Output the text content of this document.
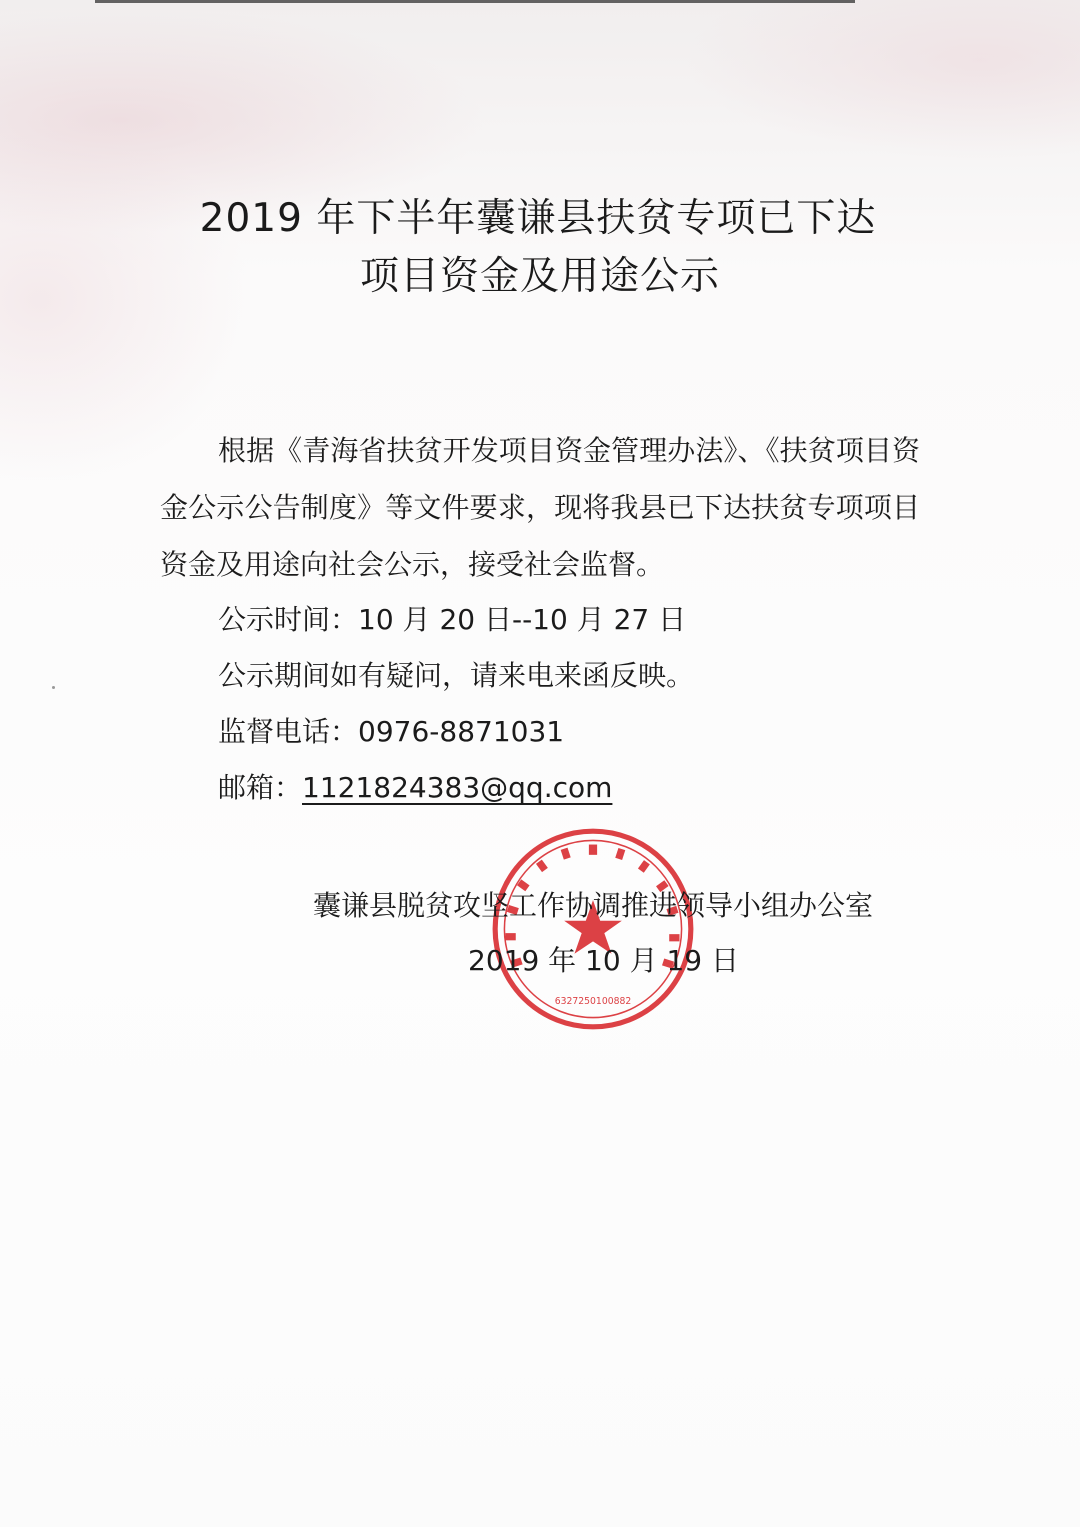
2019 年下半年囊谦县扶贫专项已下达
项目资金及用途公示
根据《青海省扶贫开发项目资金管理办法》、《扶贫项目资金公示公告制度》等文件要求，现将我县已下达扶贫专项项目资金及用途向社会公示，接受社会监督。
公示时间：10 月 20 日--10 月 27 日
公示期间如有疑问，请来电来函反映。
监督电话：0976-8871031
邮箱：1121824383@qq.com
6327250100882
囊谦县脱贫攻坚工作协调推进领导小组办公室
2019 年 10 月 19 日
